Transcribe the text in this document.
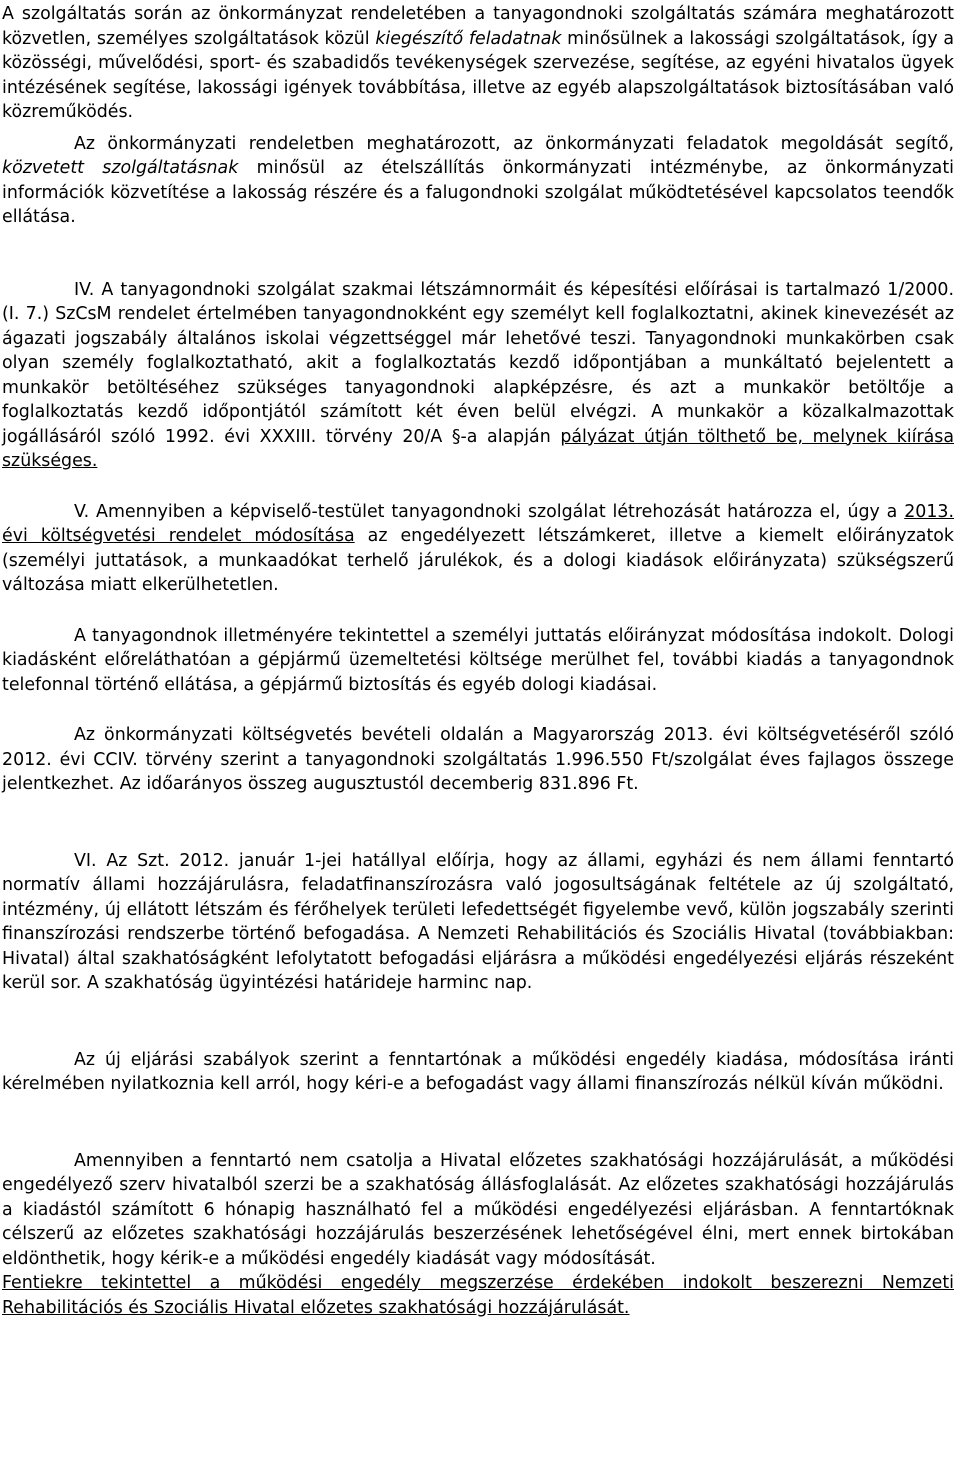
A szolgáltatás során az önkormányzat rendeletében a tanyagondnoki szolgáltatás számára meghatározott közvetlen, személyes szolgáltatások közül kiegészítő feladatnak minősülnek a lakossági szolgáltatások, így a közösségi, művelődési, sport- és szabadidős tevékenységek szervezése, segítése, az egyéni hivatalos ügyek intézésének segítése, lakossági igények továbbítása, illetve az egyéb alapszolgáltatások biztosításában való közreműködés.

Az önkormányzati rendeletben meghatározott, az önkormányzati feladatok megoldását segítő, közvetett szolgáltatásnak minősül az ételszállítás önkormányzati intézménybe, az önkormányzati információk közvetítése a lakosság részére és a falugondnoki szolgálat működtetésével kapcsolatos teendők ellátása.

IV. A tanyagondnoki szolgálat szakmai létszámnormáit és képesítési előírásai is tartalmazó 1/2000. (I. 7.) SzCsM rendelet értelmében tanyagondnokként egy személyt kell foglalkoztatni, akinek kinevezését az ágazati jogszabály általános iskolai végzettséggel már lehetővé teszi. Tanyagondnoki munkakörben csak olyan személy foglalkoztatható, akit a foglalkoztatás kezdő időpontjában a munkáltató bejelentett a munkakör betöltéséhez szükséges tanyagondnoki alapképzésre, és azt a munkakör betöltője a foglalkoztatás kezdő időpontjától számított két éven belül elvégzi. A munkakör a közalkalmazottak jogállásáról szóló 1992. évi XXXIII. törvény 20/A §-a alapján pályázat útján tölthető be, melynek kiírása szükséges.

V. Amennyiben a képviselő-testület tanyagondnoki szolgálat létrehozását határozza el, úgy a 2013. évi költségvetési rendelet módosítása az engedélyezett létszámkeret, illetve a kiemelt előirányzatok (személyi juttatások, a munkaadókat terhelő járulékok, és a dologi kiadások előirányzata) szükségszerű változása miatt elkerülhetetlen.

A tanyagondnok illetményére tekintettel a személyi juttatás előirányzat módosítása indokolt. Dologi kiadásként előreláthatóan a gépjármű üzemeltetési költsége merülhet fel, további kiadás a tanyagondnok telefonnal történő ellátása, a gépjármű biztosítás és egyéb dologi kiadásai.

Az önkormányzati költségvetés bevételi oldalán a Magyarország 2013. évi költségvetéséről szóló 2012. évi CCIV. törvény szerint a tanyagondnoki szolgáltatás 1.996.550 Ft/szolgálat éves fajlagos összege jelentkezhet. Az időarányos összeg augusztustól decemberig 831.896 Ft.

VI. Az Szt. 2012. január 1-jei hatállyal előírja, hogy az állami, egyházi és nem állami fenntartó normatív állami hozzájárulásra, feladatfinanszírozásra való jogosultságának feltétele az új szolgáltató, intézmény, új ellátott létszám és férőhelyek területi lefedettségét figyelembe vevő, külön jogszabály szerinti finanszírozási rendszerbe történő befogadása. A Nemzeti Rehabilitációs és Szociális Hivatal (továbbiakban: Hivatal) által szakhatóságként lefolytatott befogadási eljárásra a működési engedélyezési eljárás részeként kerül sor. A szakhatóság ügyintézési határideje harminc nap.

Az új eljárási szabályok szerint a fenntartónak a működési engedély kiadása, módosítása iránti kérelmében nyilatkoznia kell arról, hogy kéri-e a befogadást vagy állami finanszírozás nélkül kíván működni.

Amennyiben a fenntartó nem csatolja a Hivatal előzetes szakhatósági hozzájárulását, a működési engedélyező szerv hivatalból szerzi be a szakhatóság állásfoglalását. Az előzetes szakhatósági hozzájárulás a kiadástól számított 6 hónapig használható fel a működési engedélyezési eljárásban. A fenntartóknak célszerű az előzetes szakhatósági hozzájárulás beszerzésének lehetőségével élni, mert ennek birtokában eldönthetik, hogy kérik-e a működési engedély kiadását vagy módosítását.

Fentiekre tekintettel a működési engedély megszerzése érdekében indokolt beszerezni Nemzeti Rehabilitációs és Szociális Hivatal előzetes szakhatósági hozzájárulását.
